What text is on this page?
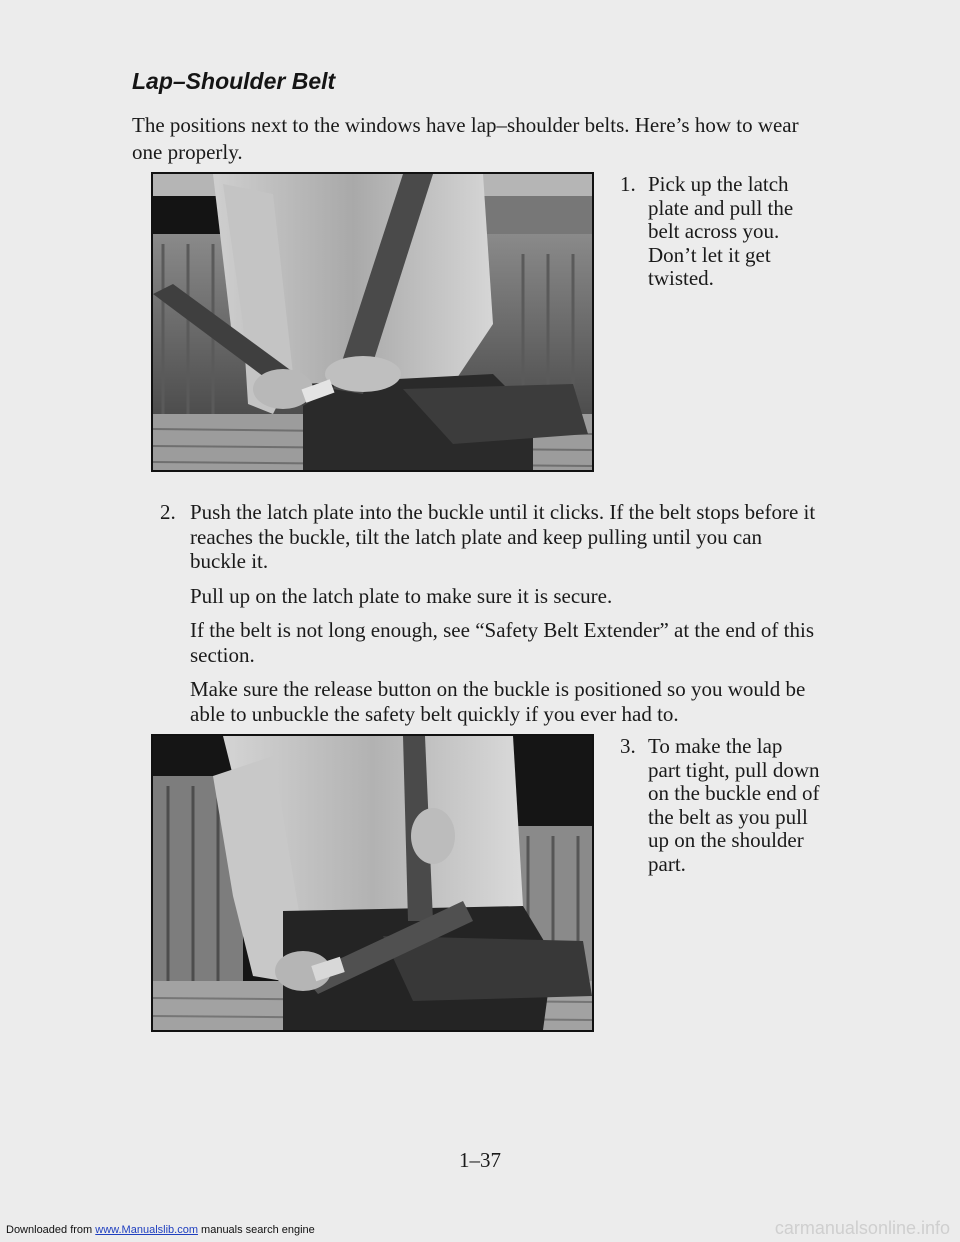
Lap–Shoulder Belt
The positions next to the windows have lap–shoulder belts. Here’s how to wear one properly.
1. Pick up the latch plate and pull the belt across you. Don’t let it get twisted.
2. Push the latch plate into the buckle until it clicks. If the belt stops before it reaches the buckle, tilt the latch plate and keep pulling until you can buckle it.

Pull up on the latch plate to make sure it is secure.

If the belt is not long enough, see “Safety Belt Extender” at the end of this section.

Make sure the release button on the buckle is positioned so you would be able to unbuckle the safety belt quickly if you ever had to.

3. To make the lap part tight, pull down on the buckle end of the belt as you pull up on the shoulder part.
1–37
Downloaded from www.Manualslib.com manuals search engine	carmanualsonline.info
